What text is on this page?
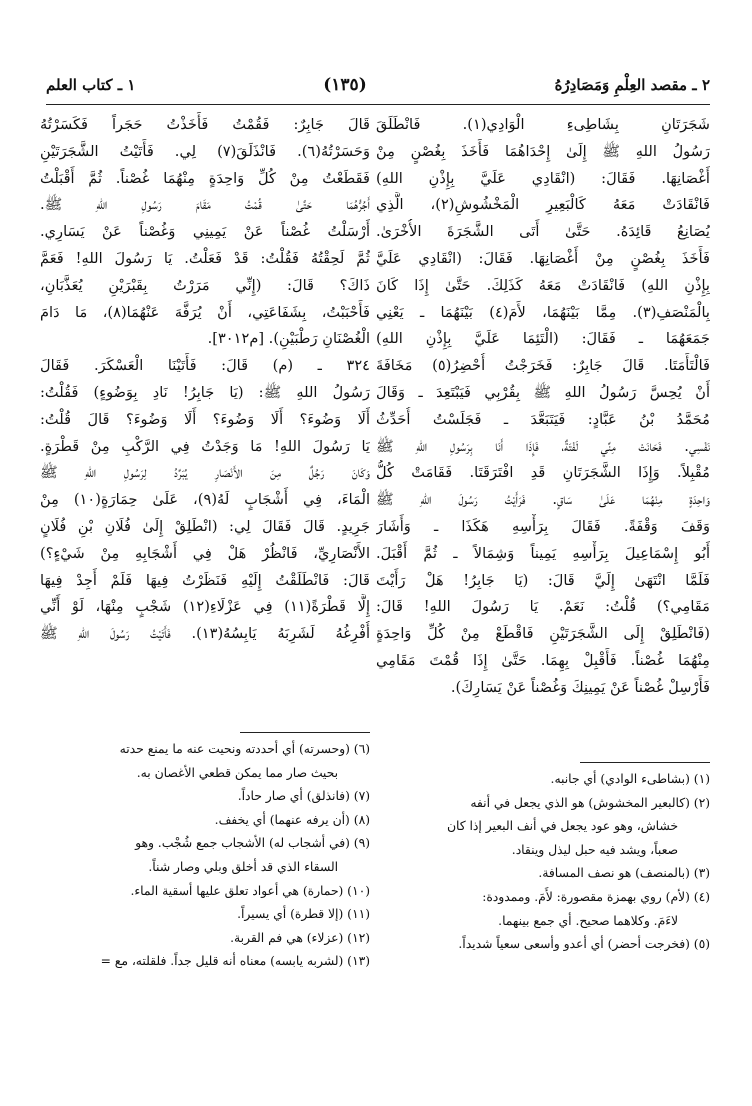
٢ ـ مقصد العِلْمِ وَمَصَادِرُهُ
(١٣٥)
١ ـ كتاب العلم
شَجَرَتَانِ بِشَاطِىءِ الْوَادِي(١). فَانْطَلَقَ
رَسُولُ اللهِ ﷺ إِلَىٰ إِحْدَاهُمَا فَأَخَذَ بِغُصْنٍ مِنْ
أَغْصَانِهَا. فَقَالَ: (انْقَادِي عَلَيَّ بِإِذْنِ اللهِ)
فَانْقَادَتْ مَعَهُ كَالْبَعِيرِ الْمَخْشُوشِ(٢)، الَّذِي
يُصَانِعُ قَائِدَهُ. حَتَّىٰ أَتَى الشَّجَرَةَ الأُخْرَىٰ.
فَأَخَذَ بِغُصْنٍ مِنْ أَغْصَانِهَا. فَقَالَ: (انْقَادِي عَلَيَّ
بِإِذْنِ اللهِ) فَانْقَادَتْ مَعَهُ كَذَلِكَ. حَتَّىٰ إِذَا كَانَ
بِالْمَنْصَفِ(٣). مِمَّا بَيْنَهُمَا، لأَمَ(٤) بَيْنَهُمَا ـ يَعْنِي
جَمَعَهُمَا ـ فَقَالَ: (الْتَئِمَا عَلَيَّ بِإِذْنِ اللهِ)
فَالْتَأَمَتَا. قَالَ جَابِرٌ: فَخَرَجْتُ أُحْضِرُ(٥) مَخَافَةَ
أَنْ يُحِسَّ رَسُولُ اللهِ ﷺ بِقُرْبِي فَيَبْتَعِدَ ـ وَقَالَ
مُحَمَّدُ بْنُ عَبَّادٍ: فَيَتَبَعَّدَ ـ فَجَلَسْتُ أُحَدِّثُ
نَفْسِي. فَحَانَتْ مِنِّي لَفْتَةٌ، فَإِذَا أَنَا بِرَسُولِ اللهِ ﷺ
مُقْبِلاً. وَإِذَا الشَّجَرَتَانِ قَدِ افْتَرَقَتَا. فَقَامَتْ كُلُّ
وَاحِدَةٍ مِنْهُمَا عَلَىٰ سَاقٍ. فَرَأَيْتُ رَسُولَ اللهِ ﷺ
وَقَفَ وَقْفَةً. فَقَالَ بِرَأْسِهِ هَكَذَا ـ وَأَشَارَ
أَبُو إِسْمَاعِيلَ بِرَأْسِهِ يَمِيناً وَشِمَالاً ـ ثُمَّ أَقْبَلَ.
فَلَمَّا انْتَهَىٰ إِلَيَّ قَالَ: (يَا جَابِرُ! هَلْ رَأَيْتَ
مَقَامِي؟) قُلْتُ: نَعَمْ. يَا رَسُولَ اللهِ! قَالَ:
(فَانْطَلِقْ إِلَى الشَّجَرَتَيْنِ فَاقْطَعْ مِنْ كُلِّ وَاحِدَةٍ
مِنْهُمَا غُصْناً. فَأَقْبِلْ بِهِمَا. حَتَّىٰ إِذَا قُمْتَ مَقَامِي
فَأَرْسِلْ غُصْناً عَنْ يَمِينِكَ وَغُصْناً عَنْ يَسَارِكَ).
قَالَ جَابِرٌ: فَقُمْتُ فَأَخَذْتُ حَجَراً فَكَسَرْتُهُ
وَحَسَرْتُهُ(٦). فَانْذَلَقَ(٧) لِي. فَأَتَيْتُ الشَّجَرَتَيْنِ
فَقَطَعْتُ مِنْ كُلِّ وَاحِدَةٍ مِنْهُمَا غُصْناً. ثُمَّ أَقْبَلْتُ
أَجُرُّهُمَا حَتَّىٰ قُمْتُ مَقَامَ رَسُولِ اللهِ ﷺ.
أَرْسَلْتُ غُصْناً عَنْ يَمِينِي وَغُصْناً عَنْ يَسَارِي.
ثُمَّ لَحِقْتُهُ فَقُلْتُ: قَدْ فَعَلْتُ. يَا رَسُولَ اللهِ! فَعَمَّ
ذَاكَ؟ قَالَ: (إِنِّي مَرَرْتُ بِقَبْرَيْنِ يُعَذَّبَانِ،
فَأَحْبَبْتُ، بِشَفَاعَتِي، أَنْ يُرَفَّهَ عَنْهُمَا(٨)، مَا دَامَ
الْغُصْنَانِ رَطْبَيْنِ). [م٣٠١٢].
٣٢٤ ـ (م) قَالَ: فَأَتَيْنَا الْعَسْكَرَ. فَقَالَ
رَسُولُ اللهِ ﷺ: (يَا جَابِرُ! نَادِ بِوَضُوءٍ) فَقُلْتُ:
أَلَا وَضُوءَ؟ أَلَا وَضُوءَ؟ أَلَا وَضُوءَ؟ قَالَ قُلْتُ:
يَا رَسُولَ اللهِ! مَا وَجَدْتُ فِي الرَّكْبِ مِنْ قَطْرَةٍ.
وَكَانَ رَجُلٌ مِنَ الأَنْصَارِ يُبَرِّدُ لِرَسُولِ اللهِ ﷺ
الْمَاءَ، فِي أَشْجَابٍ لَهُ(٩)، عَلَىٰ حِمَارَةٍ(١٠) مِنْ
جَرِيدٍ. قَالَ فَقَالَ لِي: (انْطَلِقْ إِلَىٰ فُلَانِ بْنِ فُلَانٍ
الأَنْصَارِيِّ، فَانْظُرْ هَلْ فِي أَشْجَابِهِ مِنْ شَيْءٍ؟)
قَالَ: فَانْطَلَقْتُ إِلَيْهِ فَنَظَرْتُ فِيهَا فَلَمْ أَجِدْ فِيهَا
إِلَّا قَطْرَةً(١١) فِي عَزْلَاءِ(١٢) شَجْبٍ مِنْهَا، لَوْ أَنِّي
أُفْرِغُهُ لَشَرِبَهُ يَابِسُهُ(١٣). فَأَتَيْتُ رَسُولَ اللهِ ﷺ
(١) (بشاطىء الوادي) أي جانبه.
(٢) (كالبعير المخشوش) هو الذي يجعل في أنفه
خشاش، وهو عود يجعل في أنف البعير إذا كان
صعباً، ويشد فيه حبل ليذل وينقاد.
(٣) (بالمنصف) هو نصف المسافة.
(٤) (لأم) روي بهمزة مقصورة: لأَمَ. وممدودة:
لاءَمَ. وكلاهما صحيح. أي جمع بينهما.
(٥) (فخرجت أحضر) أي أعدو وأسعى سعياً شديداً.
(٦) (وحسرته) أي أحددته ونحيت عنه ما يمنع حدته
بحيث صار مما يمكن قطعي الأغصان به.
(٧) (فانذلق) أي صار حاداً.
(٨) (أن يرفه عنهما) أي يخفف.
(٩) (في أشجاب له) الأشجاب جمع شُجْب. وهو
السقاء الذي قد أخلق وبلي وصار شناً.
(١٠) (حمارة) هي أعواد تعلق عليها أسقية الماء.
(١١) (إلا قطرة) أي يسيراً.
(١٢) (عزلاء) هي فم القربة.
(١٣) (لشربه يابسه) معناه أنه قليل جداً. فلقلته، مع =
